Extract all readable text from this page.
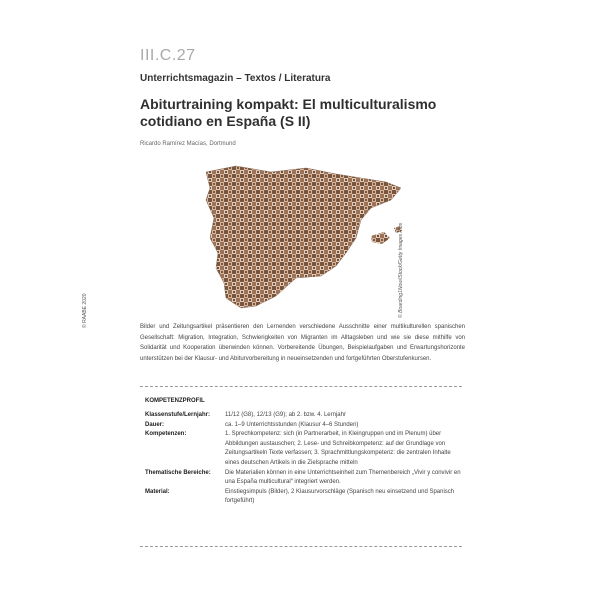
III.C.27
Unterrichtsmagazin – Textos / Literatura
Abiturtraining kompakt: El multiculturalismo cotidiano en España (S II)
Ricardo Ramírez Macías, Dortmund
© Boarding1Now/iStock/Getty Images Plus
© RAABE 2020	Bilder und Zeitungsartikel präsentieren den Lernenden verschiedene Ausschnitte einer multikulturellen spanischen Gesellschaft: Migration, Integration, Schwierigkeiten von Migranten im Alltagsleben und wie sie diese mithilfe von Solidarität und Kooperation überwinden können. Vorbereitende Übungen, Beispielaufgaben und Erwartungshorizonte unterstützen bei der Klausur- und Abiturvorbereitung in neueinsetzenden und fortgeführten Oberstufenkursen.
KOMPETENZPROFIL
Klassenstufe/Lernjahr:	11/12 (G8), 12/13 (G9); ab 2. bzw. 4. Lernjahr
Dauer:	ca. 1–9 Unterrichtsstunden (Klausur 4–6 Stunden)
Kompetenzen:	1. Sprechkompetenz: sich (in Partnerarbeit, in Kleingruppen und im Plenum) über Abbildungen austauschen; 2. Lese- und Schreibkompetenz: auf der Grundlage von Zeitungsartikeln Texte verfassen; 3. Sprachmittlungskompetenz: die zentralen Inhalte eines deutschen Artikels in die Zielsprache mitteln
Thematische Bereiche:	Die Materialien können in eine Unterrichtseinheit zum Themenbereich „Vivir y convivir en una España multicultural“ integriert werden.
Material:	Einstiegsimpuls (Bilder), 2 Klausurvorschläge (Spanisch neu einsetzend und Spanisch fortgeführt)
